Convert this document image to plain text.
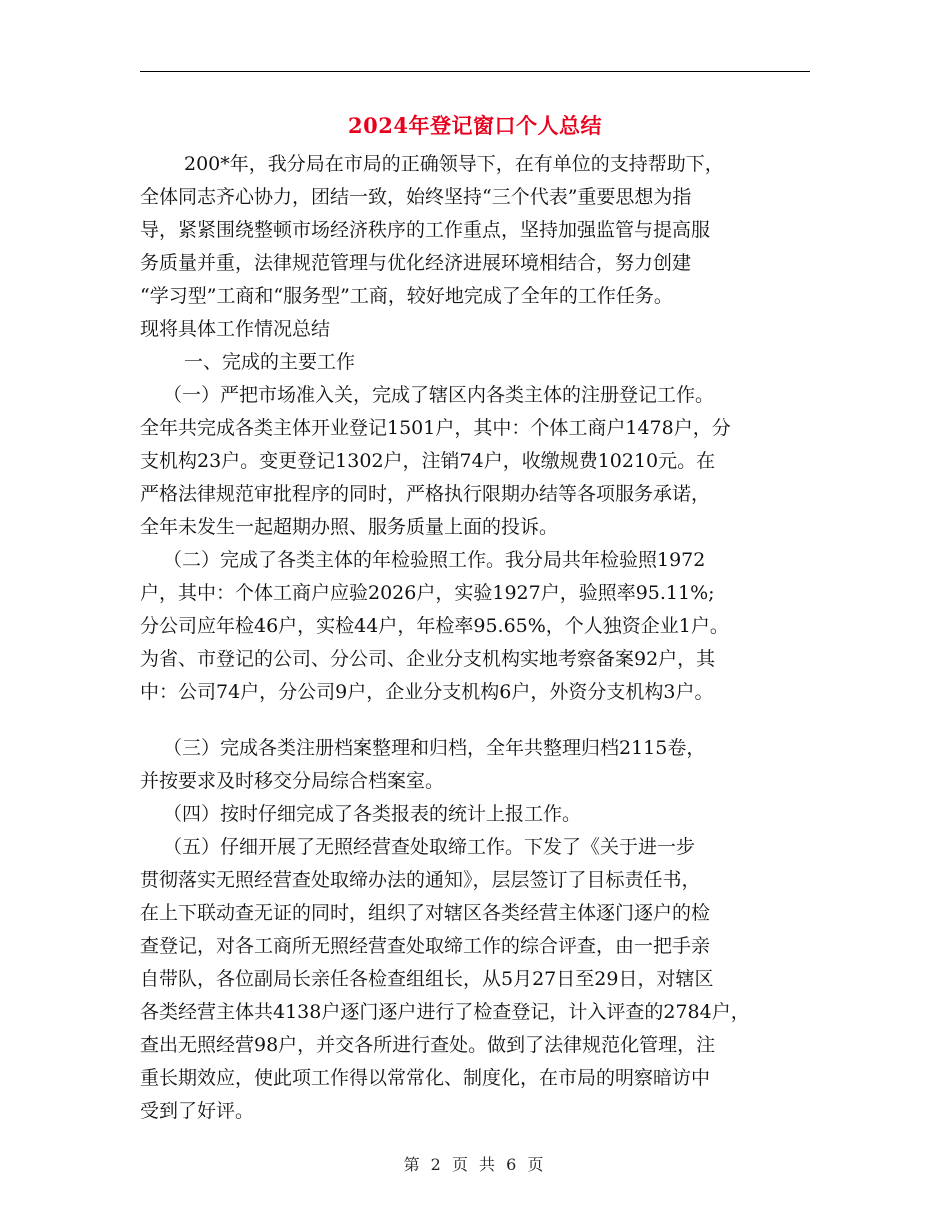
2024年登记窗口个人总结
200*年，我分局在市局的正确领导下，在有单位的支持帮助下，
全体同志齐心协力，团结一致，始终坚持“三个代表”重要思想为指
导，紧紧围绕整顿市场经济秩序的工作重点，坚持加强监管与提高服
务质量并重，法律规范管理与优化经济进展环境相结合，努力创建
“学习型”工商和“服务型”工商，较好地完成了全年的工作任务。
现将具体工作情况总结
一、完成的主要工作
（一）严把市场准入关，完成了辖区内各类主体的注册登记工作。
全年共完成各类主体开业登记1501户，其中：个体工商户1478户，分
支机构23户。变更登记1302户，注销74户，收缴规费10210元。在
严格法律规范审批程序的同时，严格执行限期办结等各项服务承诺，
全年未发生一起超期办照、服务质量上面的投诉。
（二）完成了各类主体的年检验照工作。我分局共年检验照1972
户，其中：个体工商户应验2026户，实验1927户，验照率95.11%;
分公司应年检46户，实检44户，年检率95.65%，个人独资企业1户。
为省、市登记的公司、分公司、企业分支机构实地考察备案92户，其
中：公司74户，分公司9户，企业分支机构6户，外资分支机构3户。
（三）完成各类注册档案整理和归档，全年共整理归档2115卷，
并按要求及时移交分局综合档案室。
（四）按时仔细完成了各类报表的统计上报工作。
（五）仔细开展了无照经营查处取缔工作。下发了《关于进一步
贯彻落实无照经营查处取缔办法的通知》，层层签订了目标责任书，
在上下联动查无证的同时，组织了对辖区各类经营主体逐门逐户的检
查登记，对各工商所无照经营查处取缔工作的综合评查，由一把手亲
自带队，各位副局长亲任各检查组组长，从5月27日至29日，对辖区
各类经营主体共4138户逐门逐户进行了检查登记，计入评查的2784户，
查出无照经营98户，并交各所进行查处。做到了法律规范化管理，注
重长期效应，使此项工作得以常常化、制度化，在市局的明察暗访中
受到了好评。
第 2 页 共 6 页
